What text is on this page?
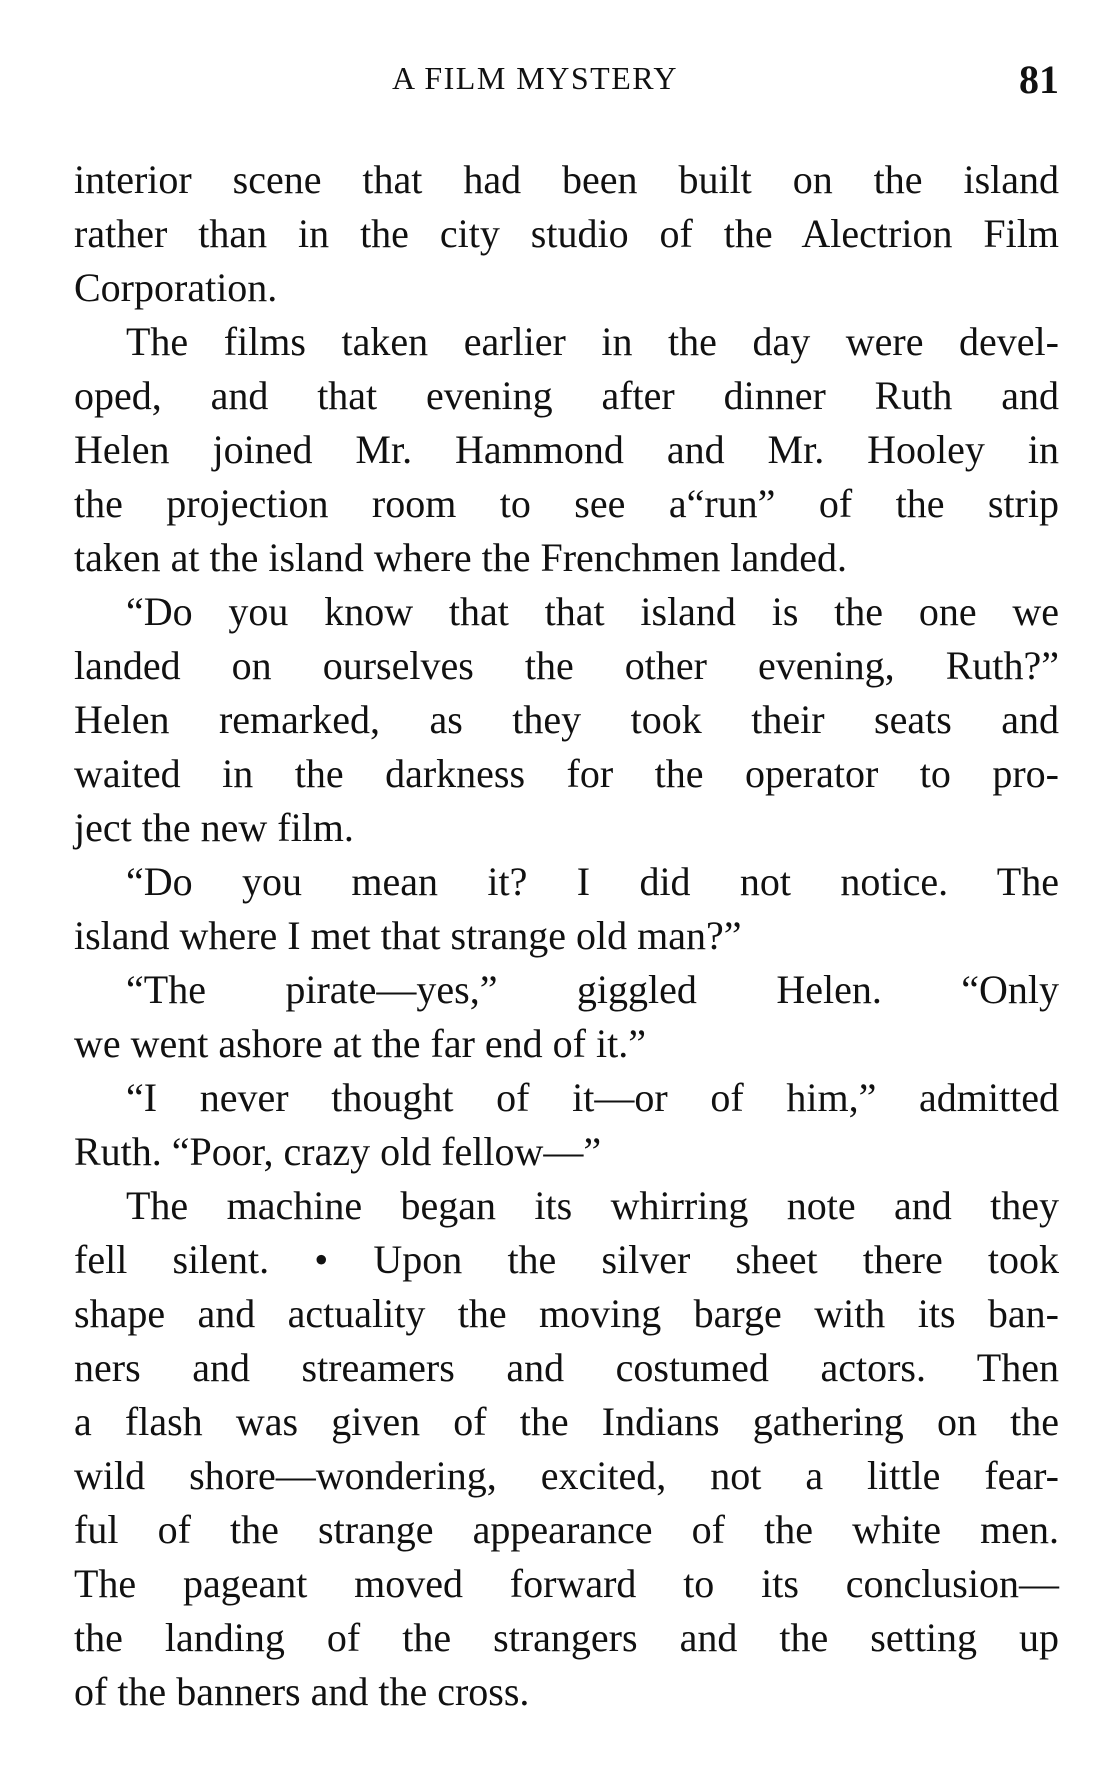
A FILM MYSTERY	81
interior scene that had been built on the island
rather than in the city studio of the Alectrion Film
Corporation.
The films taken earlier in the day were devel-
oped, and that evening after dinner Ruth and
Helen joined Mr. Hammond and Mr. Hooley in
the projection room to see a“run” of the strip
taken at the island where the Frenchmen landed.
“Do you know that that island is the one we
landed on ourselves the other evening, Ruth?”
Helen remarked, as they took their seats and
waited in the darkness for the operator to pro-
ject the new film.
“Do you mean it? I did not notice. The
island where I met that strange old man?”
“The pirate—yes,” giggled Helen. “Only
we went ashore at the far end of it.”
“I never thought of it—or of him,” admitted
Ruth. “Poor, crazy old fellow—”
The machine began its whirring note and they
fell silent. • Upon the silver sheet there took
shape and actuality the moving barge with its ban-
ners and streamers and costumed actors. Then
a flash was given of the Indians gathering on the
wild shore—wondering, excited, not a little fear-
ful of the strange appearance of the white men.
The pageant moved forward to its conclusion—
the landing of the strangers and the setting up
of the banners and the cross.
